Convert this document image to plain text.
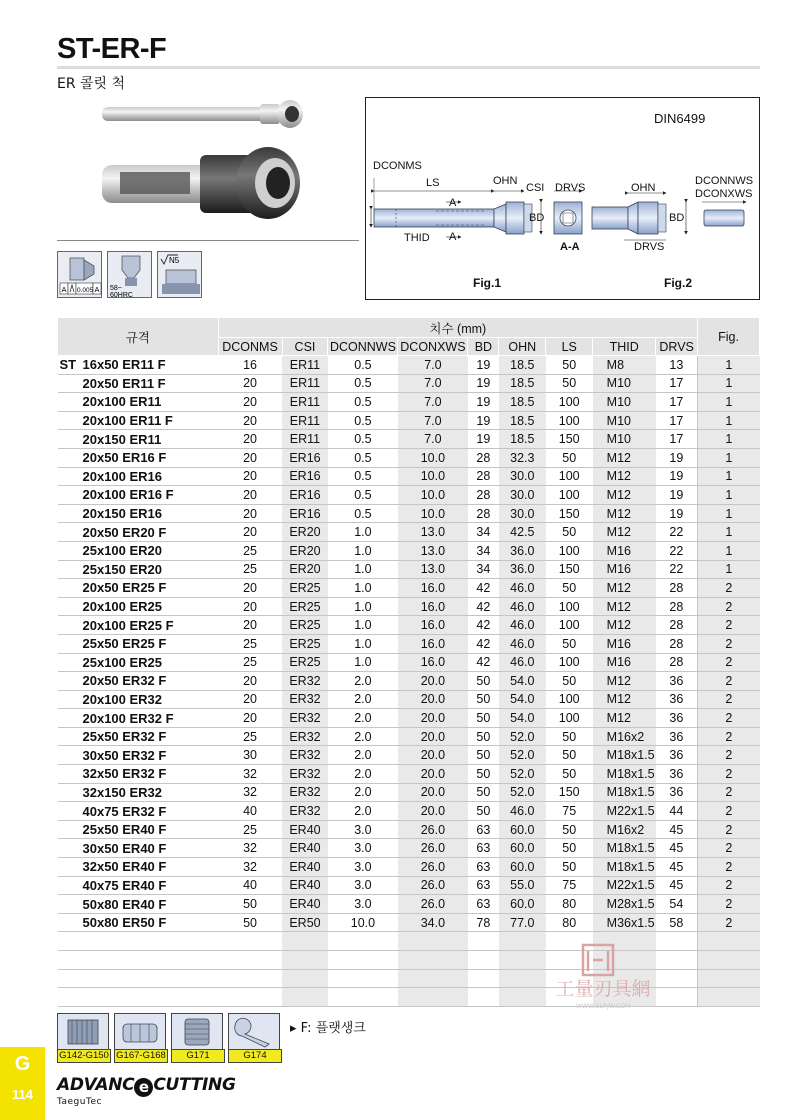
ST-ER-F
ER 콜릿 척
A 0.005 A 58~
60HRC
N5
DIN6499
DCONMS
LS	OHN
CSI DRVS	OHN
DCONNWS
DCONXWS
A
A
BD	BD
THID
DRVS
A-A
Fig.1	Fig.2
규격	치수 (mm)									Fig.
	DCONMS	CSI	DCONNWS	DCONXWS	BD	OHN	LS	THID	DRVS	
ST 16x50 ER11 F	16	ER11	0.5	7.0	19	18.5	50	M8	13	1
20x50 ER11 F	20	ER11	0.5	7.0	19	18.5	50	M10	17	1
20x100 ER11	20	ER11	0.5	7.0	19	18.5	100	M10	17	1
20x100 ER11 F	20	ER11	0.5	7.0	19	18.5	100	M10	17	1
20x150 ER11	20	ER11	0.5	7.0	19	18.5	150	M10	17	1
20x50 ER16 F	20	ER16	0.5	10.0	28	32.3	50	M12	19	1
20x100 ER16	20	ER16	0.5	10.0	28	30.0	100	M12	19	1
20x100 ER16 F	20	ER16	0.5	10.0	28	30.0	100	M12	19	1
20x150 ER16	20	ER16	0.5	10.0	28	30.0	150	M12	19	1
20x50 ER20 F	20	ER20	1.0	13.0	34	42.5	50	M12	22	1
25x100 ER20	25	ER20	1.0	13.0	34	36.0	100	M16	22	1
25x150 ER20	25	ER20	1.0	13.0	34	36.0	150	M16	22	1
20x50 ER25 F	20	ER25	1.0	16.0	42	46.0	50	M12	28	2
20x100 ER25	20	ER25	1.0	16.0	42	46.0	100	M12	28	2
20x100 ER25 F	20	ER25	1.0	16.0	42	46.0	100	M12	28	2
25x50 ER25 F	25	ER25	1.0	16.0	42	46.0	50	M16	28	2
25x100 ER25	25	ER25	1.0	16.0	42	46.0	100	M16	28	2
20x50 ER32 F	20	ER32	2.0	20.0	50	54.0	50	M12	36	2
20x100 ER32	20	ER32	2.0	20.0	50	54.0	100	M12	36	2
20x100 ER32 F	20	ER32	2.0	20.0	50	54.0	100	M12	36	2
25x50 ER32 F	25	ER32	2.0	20.0	50	52.0	50	M16x2	36	2
30x50 ER32 F	30	ER32	2.0	20.0	50	52.0	50	M18x1.5	36	2
32x50 ER32 F	32	ER32	2.0	20.0	50	52.0	50	M18x1.5	36	2
32x150 ER32	32	ER32	2.0	20.0	50	52.0	150	M18x1.5	36	2
40x75 ER32 F	40	ER32	2.0	20.0	50	46.0	75	M22x1.5	44	2
25x50 ER40 F	25	ER40	3.0	26.0	63	60.0	50	M16x2	45	2
30x50 ER40 F	32	ER40	3.0	26.0	63	60.0	50	M18x1.5	45	2
32x50 ER40 F	32	ER40	3.0	26.0	63	60.0	50	M18x1.5	45	2
40x75 ER40 F	40	ER40	3.0	26.0	63	55.0	75	M22x1.5	45	2
50x80 ER40 F	50	ER40	3.0	26.0	63	60.0	80	M28x1.5	54	2
50x80 ER50 F	50	ER50	10.0	34.0	78	77.0	80	M36x1.5	58	2

工量刃具網
WWW.GLRJW.COM
G142-G150 G167-G168	G171	G174
▸ F: 플랫생크
G
114	ADVANC e CUTTING
TaeguTec
